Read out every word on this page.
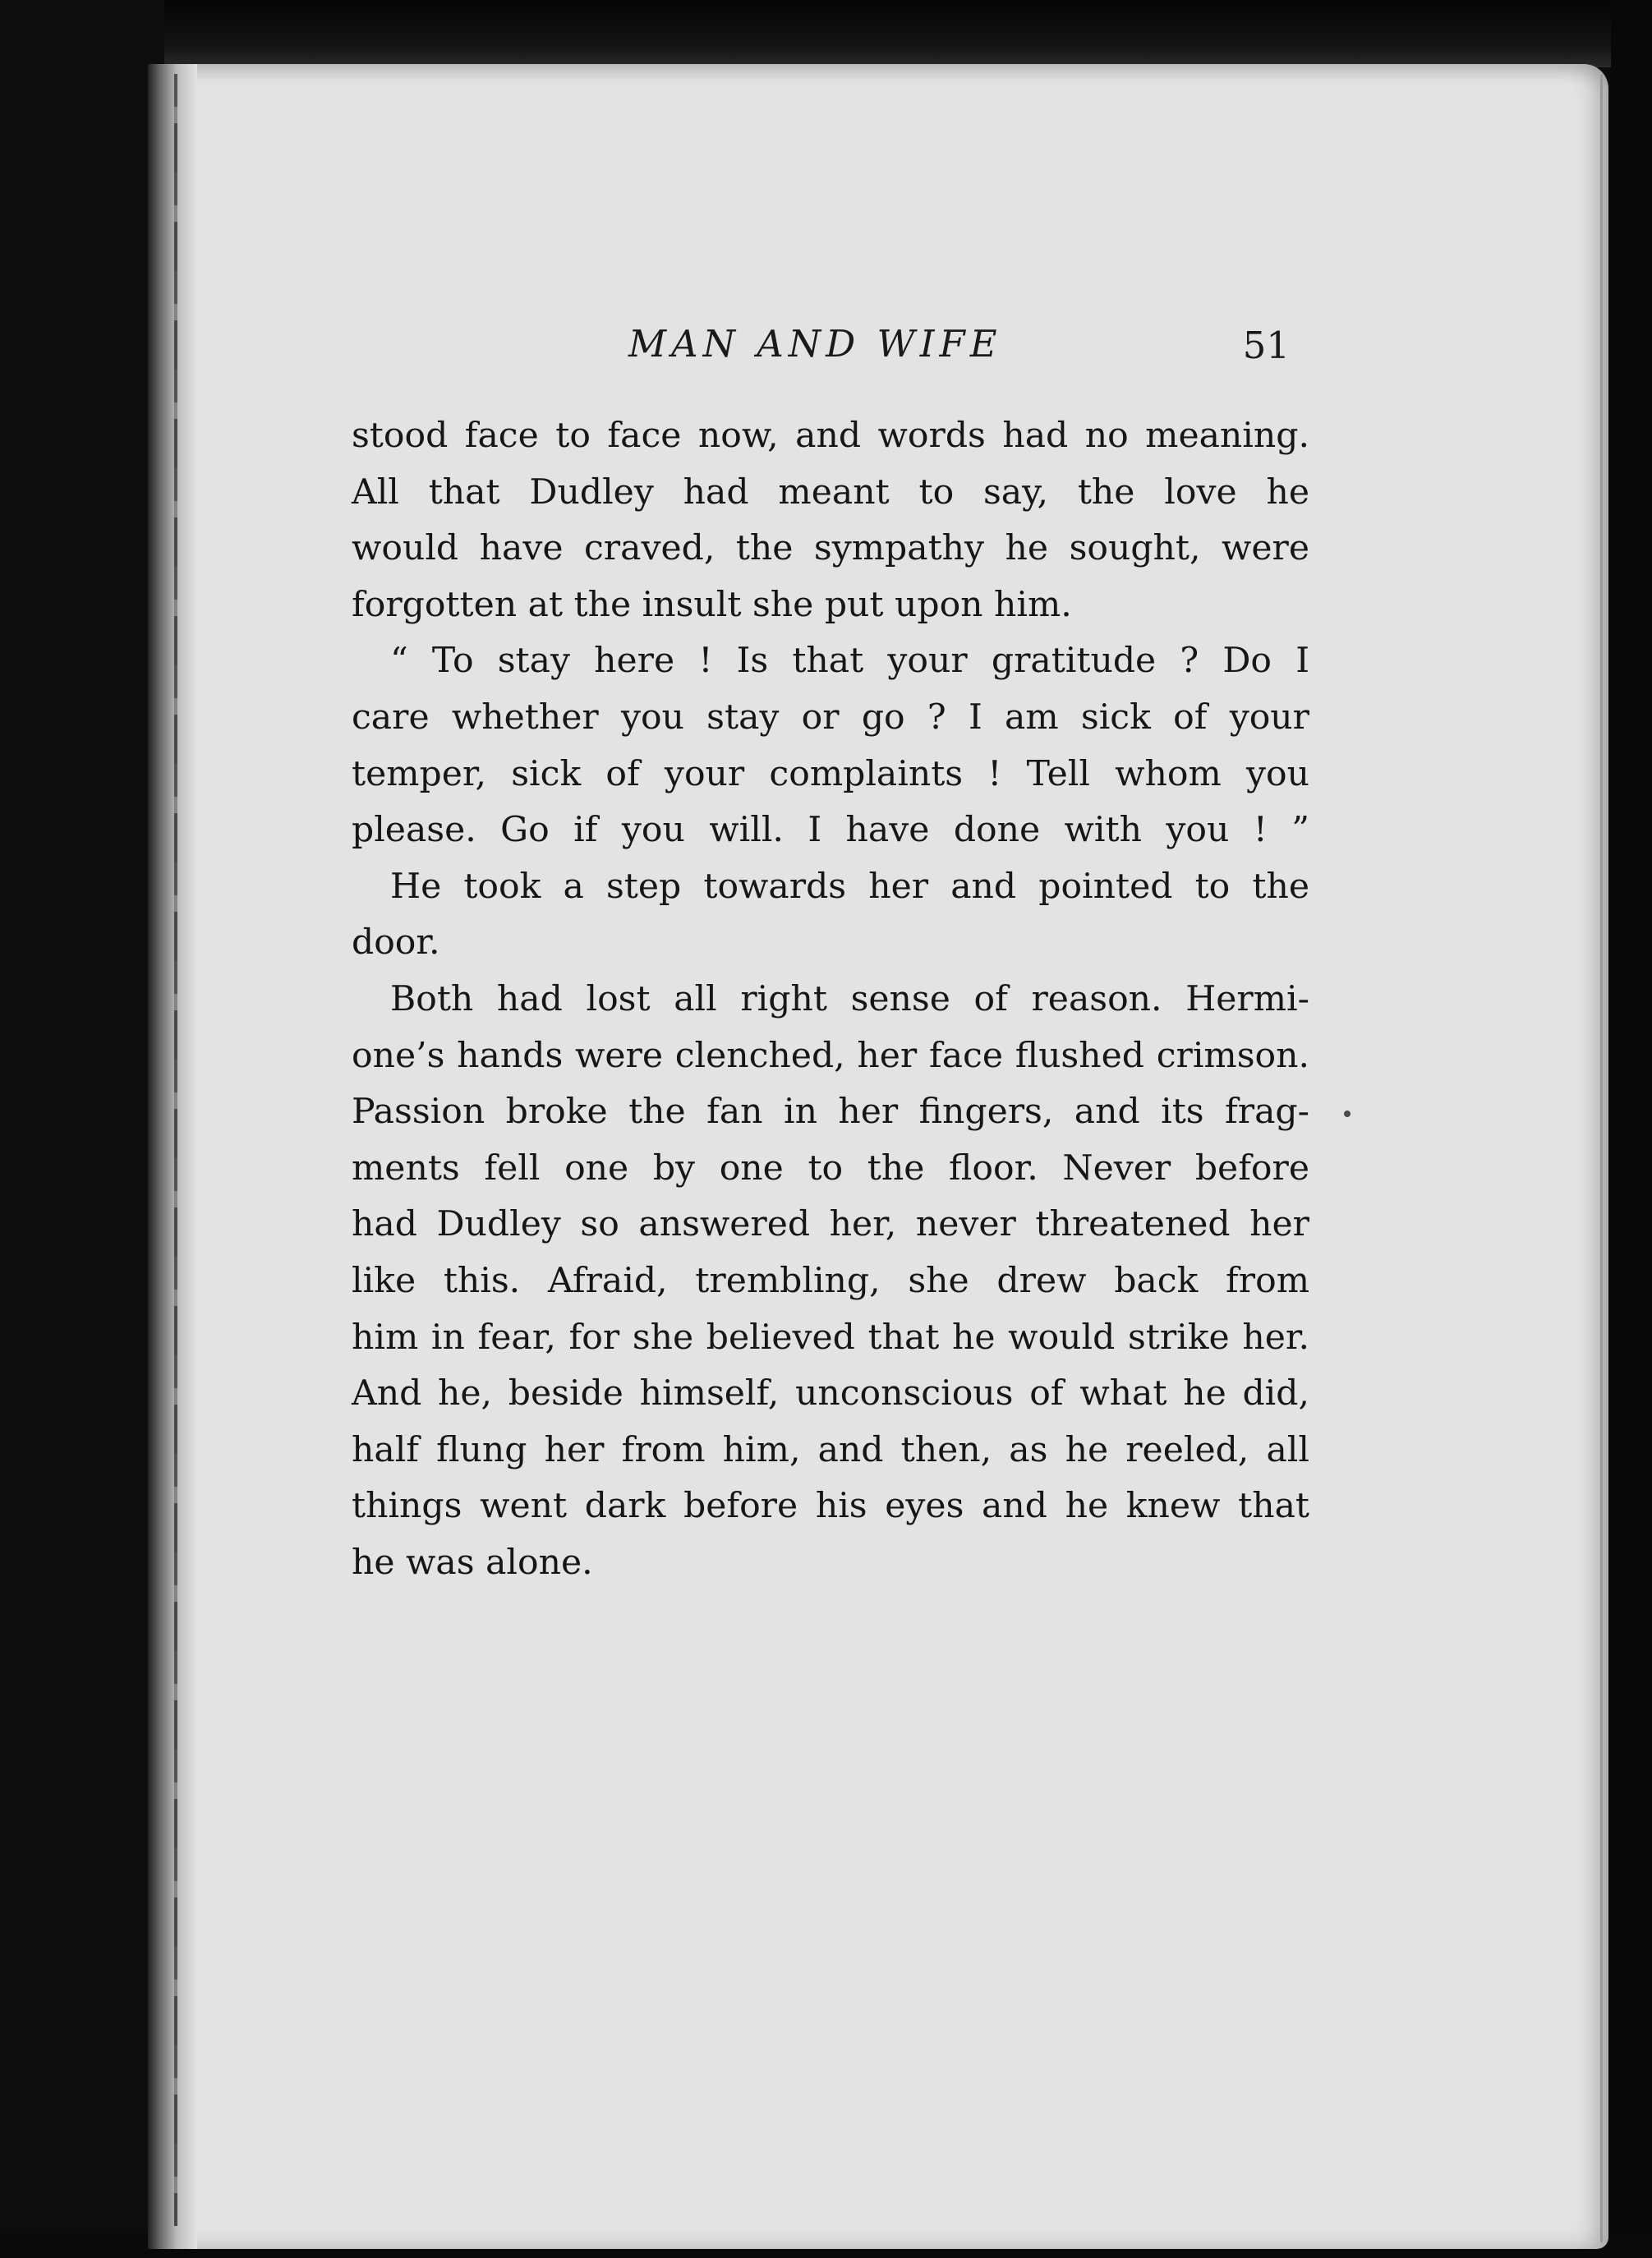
MAN AND WIFE	51
stood face to face now, and words had no meaning.
All that Dudley had meant to say, the love he
would have craved, the sympathy he sought, were
forgotten at the insult she put upon him.
“ To stay here ! Is that your gratitude ? Do I
care whether you stay or go ? I am sick of your
temper, sick of your complaints ! Tell whom you
please. Go if you will. I have done with you ! ”
He took a step towards her and pointed to the
door.
Both had lost all right sense of reason. Hermi-
one’s hands were clenched, her face flushed crimson.
Passion broke the fan in her fingers, and its frag-
ments fell one by one to the floor. Never before
had Dudley so answered her, never threatened her
like this. Afraid, trembling, she drew back from
him in fear, for she believed that he would strike her.
And he, beside himself, unconscious of what he did,
half flung her from him, and then, as he reeled, all
things went dark before his eyes and he knew that
he was alone.
